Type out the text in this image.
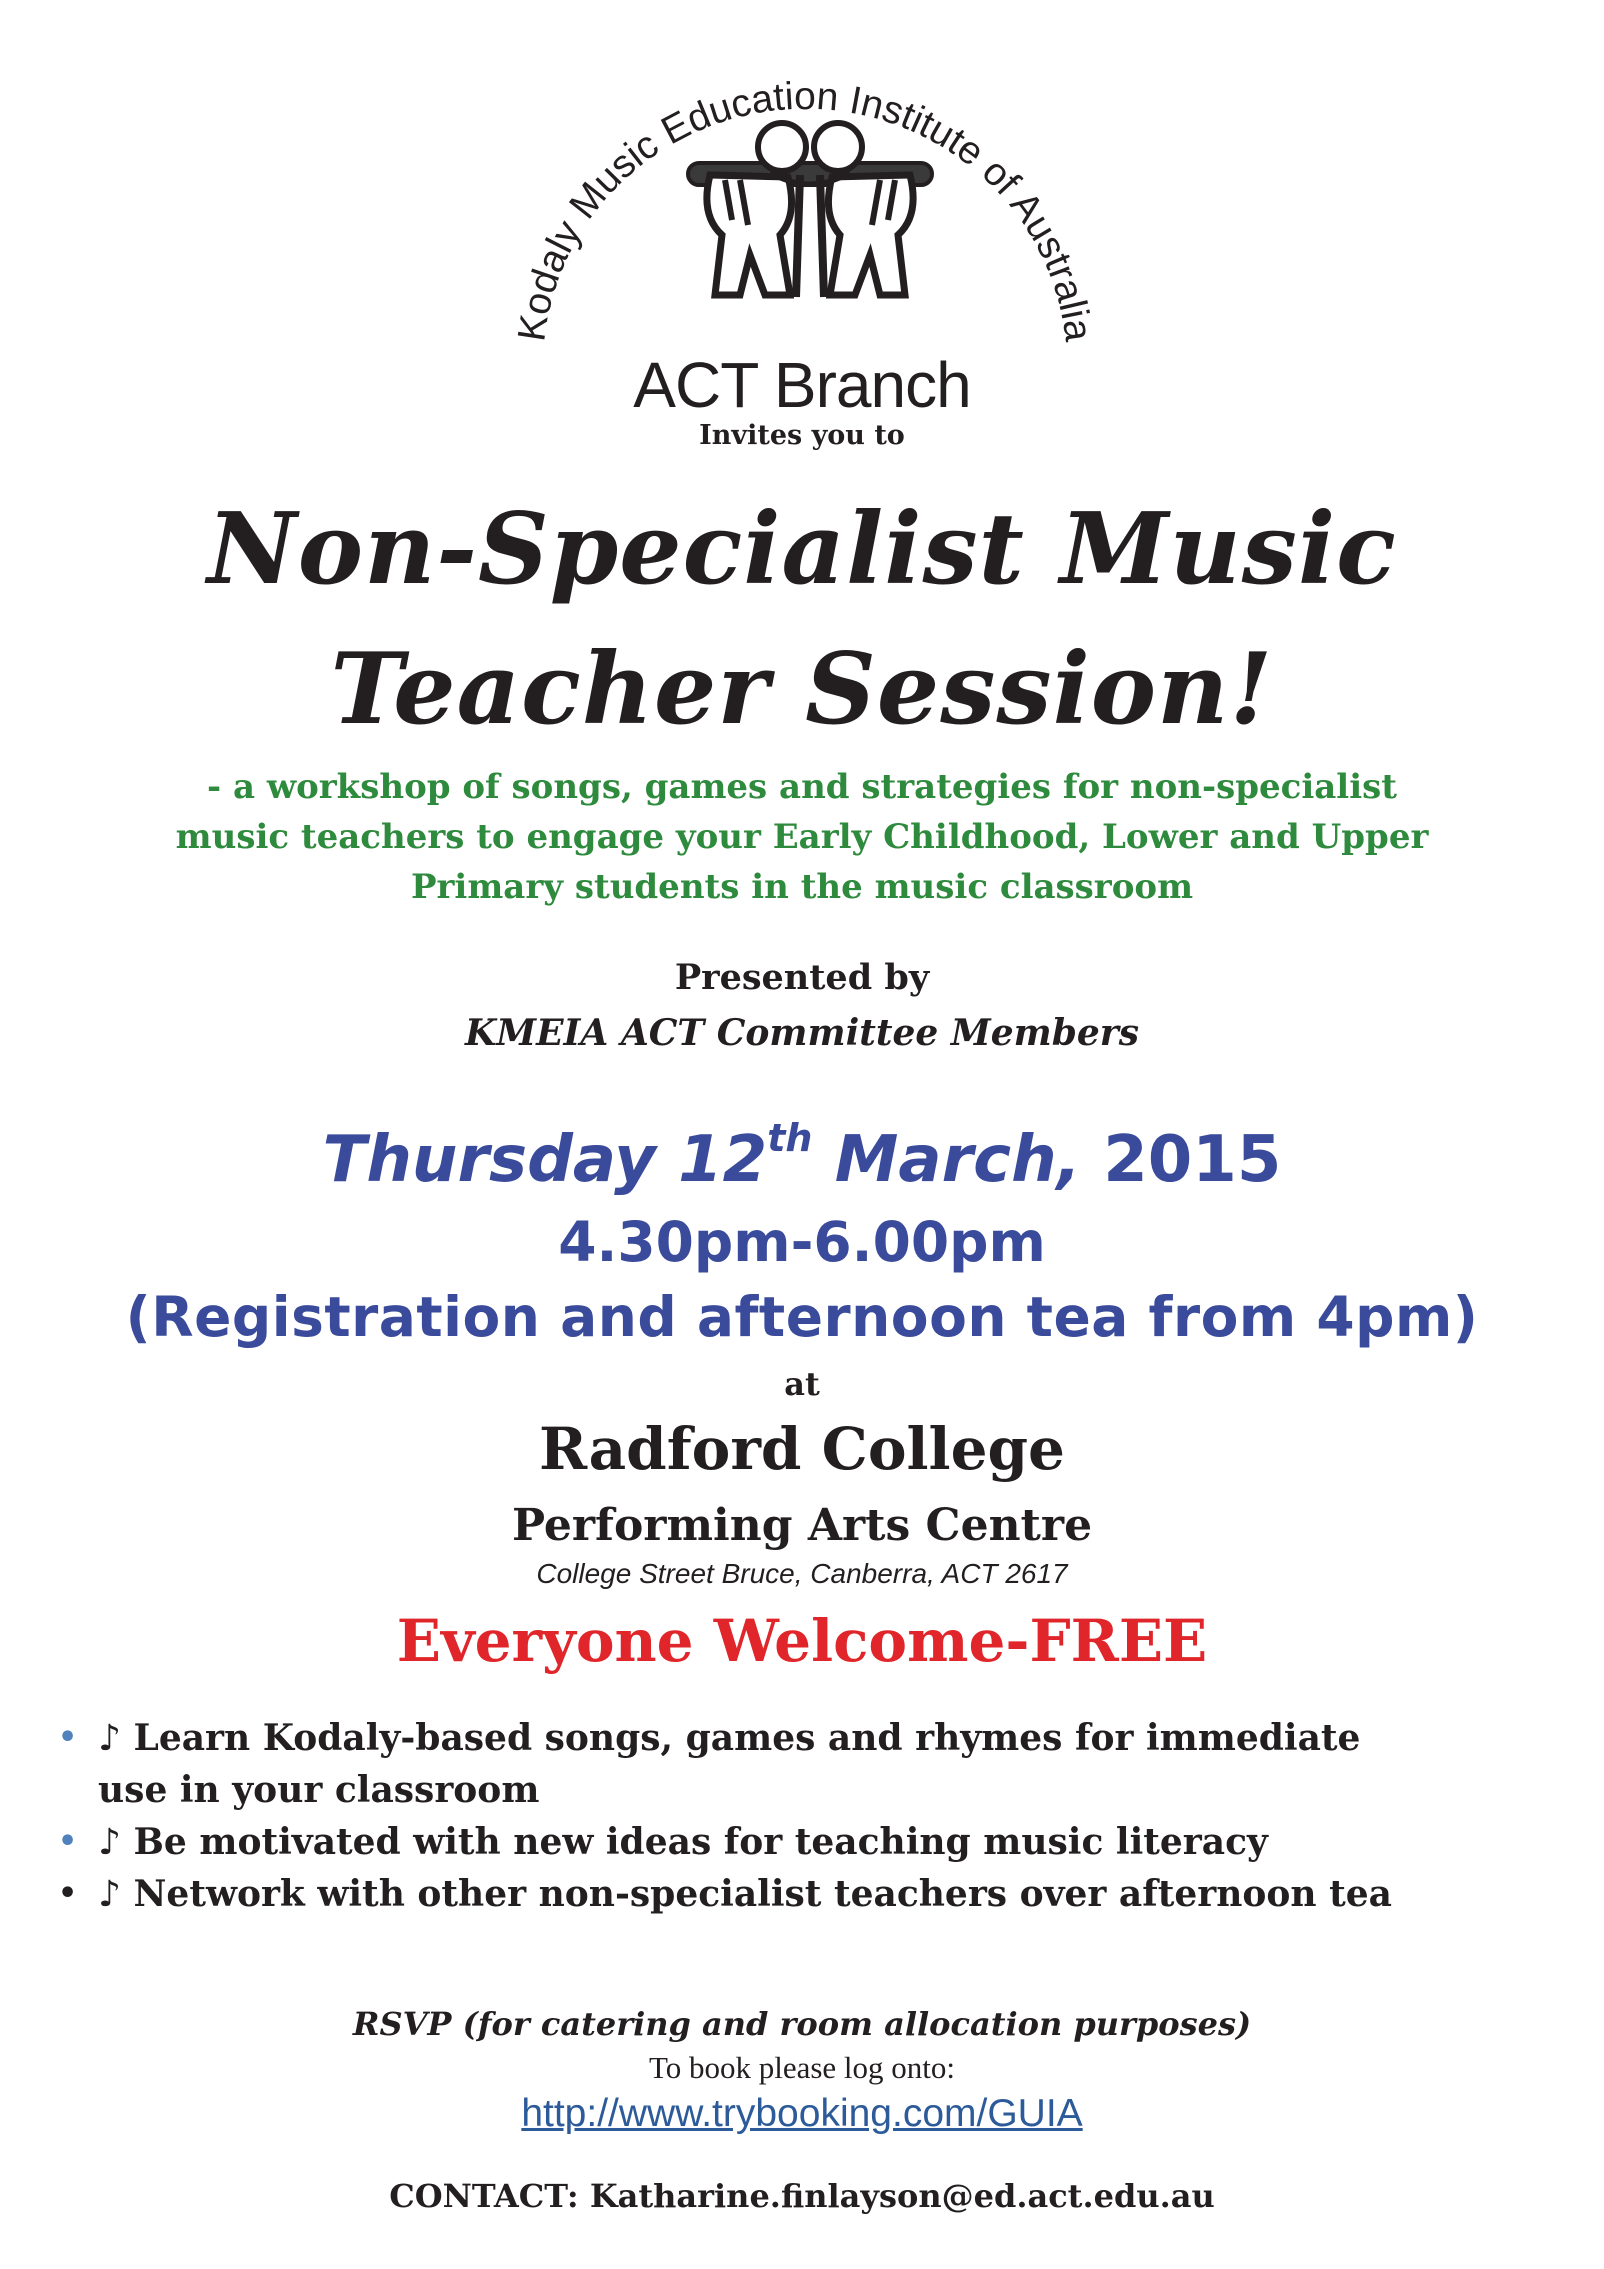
Kodaly Music Education Institute of Australia
ACT Branch
Invites you to
Non-Specialist Music
Teacher Session!
- a workshop of songs, games and strategies for non-specialist
music teachers to engage your Early Childhood, Lower and Upper
Primary students in the music classroom
Presented by
KMEIA ACT Committee Members
Thursday 12th March, 2015
4.30pm-6.00pm
(Registration and afternoon tea from 4pm)
at
Radford College
Performing Arts Centre
College Street Bruce, Canberra, ACT 2617
Everyone Welcome-FREE
• ♪ Learn Kodaly-based songs, games and rhymes for immediate
use in your classroom
• ♪ Be motivated with new ideas for teaching music literacy
• ♪ Network with other non-specialist teachers over afternoon tea
RSVP (for catering and room allocation purposes)
To book please log onto:
http://www.trybooking.com/GUIA
CONTACT: Katharine.finlayson@ed.act.edu.au
